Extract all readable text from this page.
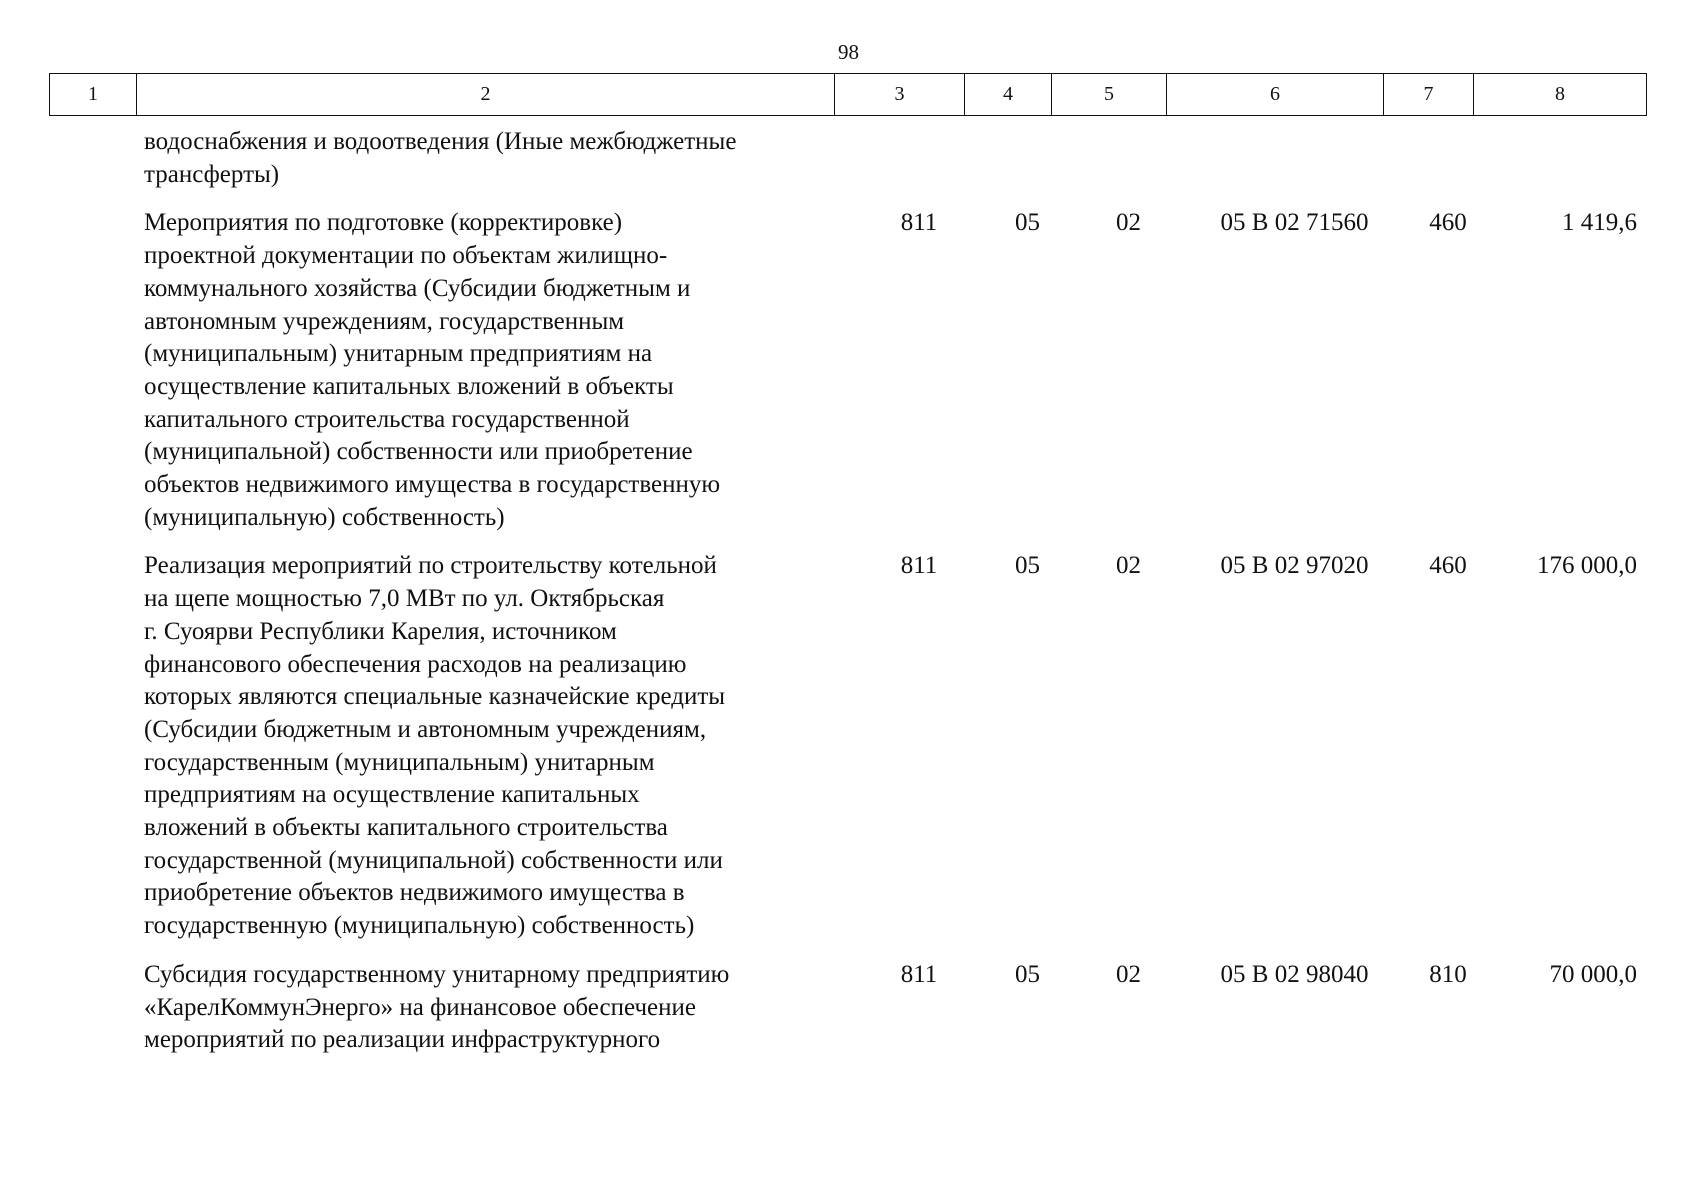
98
1	2	3	4	5	6	7	8
водоснабжения и водоотведения (Иные межбюджетные
трансферты)
Мероприятия по подготовке (корректировке)
проектной документации по объектам жилищно-
коммунального хозяйства (Субсидии бюджетным и
автономным учреждениям, государственным
(муниципальным) унитарным предприятиям на
осуществление капитальных вложений в объекты
капитального строительства государственной
(муниципальной) собственности или приобретение
объектов недвижимого имущества в государственную
(муниципальную) собственность)
811	05	02	05 В 02 71560	460	1 419,6
Реализация мероприятий по строительству котельной
на щепе мощностью 7,0 МВт по ул. Октябрьская
г. Суоярви Республики Карелия, источником
финансового обеспечения расходов на реализацию
которых являются специальные казначейские кредиты
(Субсидии бюджетным и автономным учреждениям,
государственным (муниципальным) унитарным
предприятиям на осуществление капитальных
вложений в объекты капитального строительства
государственной (муниципальной) собственности или
приобретение объектов недвижимого имущества в
государственную (муниципальную) собственность)
811	05	02	05 В 02 97020	460	176 000,0
Субсидия государственному унитарному предприятию
«КарелКоммунЭнерго» на финансовое обеспечение
мероприятий по реализации инфраструктурного
811	05	02	05 В 02 98040	810	70 000,0
